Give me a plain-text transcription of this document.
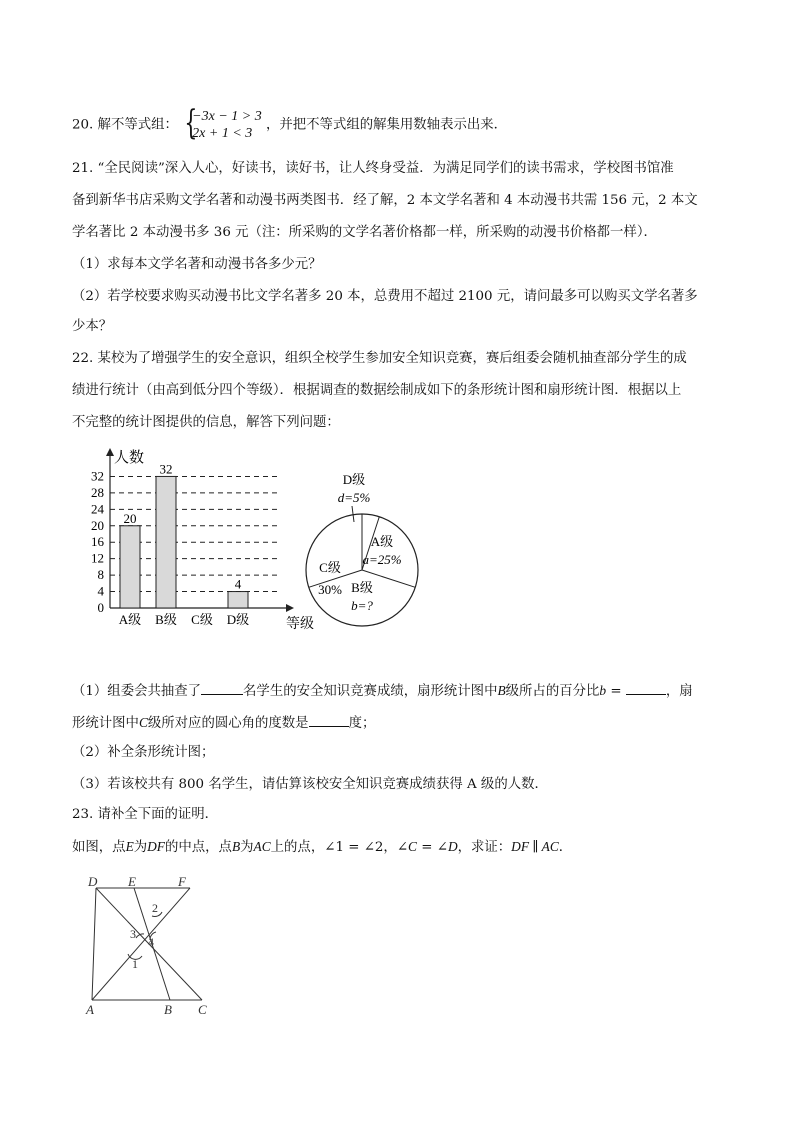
20. 解不等式组： {
−3x − 1 > 3
2x + 1 < 3
，并把不等式组的解集用数轴表示出来．
21. “全民阅读”深入人心，好读书，读好书，让人终身受益．为满足同学们的读书需求，学校图书馆准
备到新华书店采购文学名著和动漫书两类图书．经了解，2 本文学名著和 4 本动漫书共需 156 元，2 本文
学名著比 2 本动漫书多 36 元（注：所采购的文学名著价格都一样，所采购的动漫书价格都一样）．
（1）求每本文学名著和动漫书各多少元？
（2）若学校要求购买动漫书比文学名著多 20 本，总费用不超过 2100 元，请问最多可以购买文学名著多
少本？
22. 某校为了增强学生的安全意识，组织全校学生参加安全知识竞赛，赛后组委会随机抽查部分学生的成
绩进行统计（由高到低分四个等级）．根据调查的数据绘制成如下的条形统计图和扇形统计图．根据以上
不完整的统计图提供的信息，解答下列问题：
人数
等级
0
4
8
12
16
20
24
28
32
A级
20
B级
32
C级 D级
4
A级
a=25%
B级
b=?
C级
30%
D级
d=5%
（1）组委会共抽查了	名学生的安全知识竞赛成绩，扇形统计图中B级所占的百分比b =	，扇
形统计图中C级所对应的圆心角的度数是	度；
（2）补全条形统计图；
（3）若该校共有 800 名学生，请估算该校安全知识竞赛成绩获得 A 级的人数．
23. 请补全下面的证明．
如图，点E为DF的中点，点B为AC上的点，∠1 = ∠2，∠C = ∠D，求证：DF ∥ AC．
D E	F
A	B C
2
3
4
1
